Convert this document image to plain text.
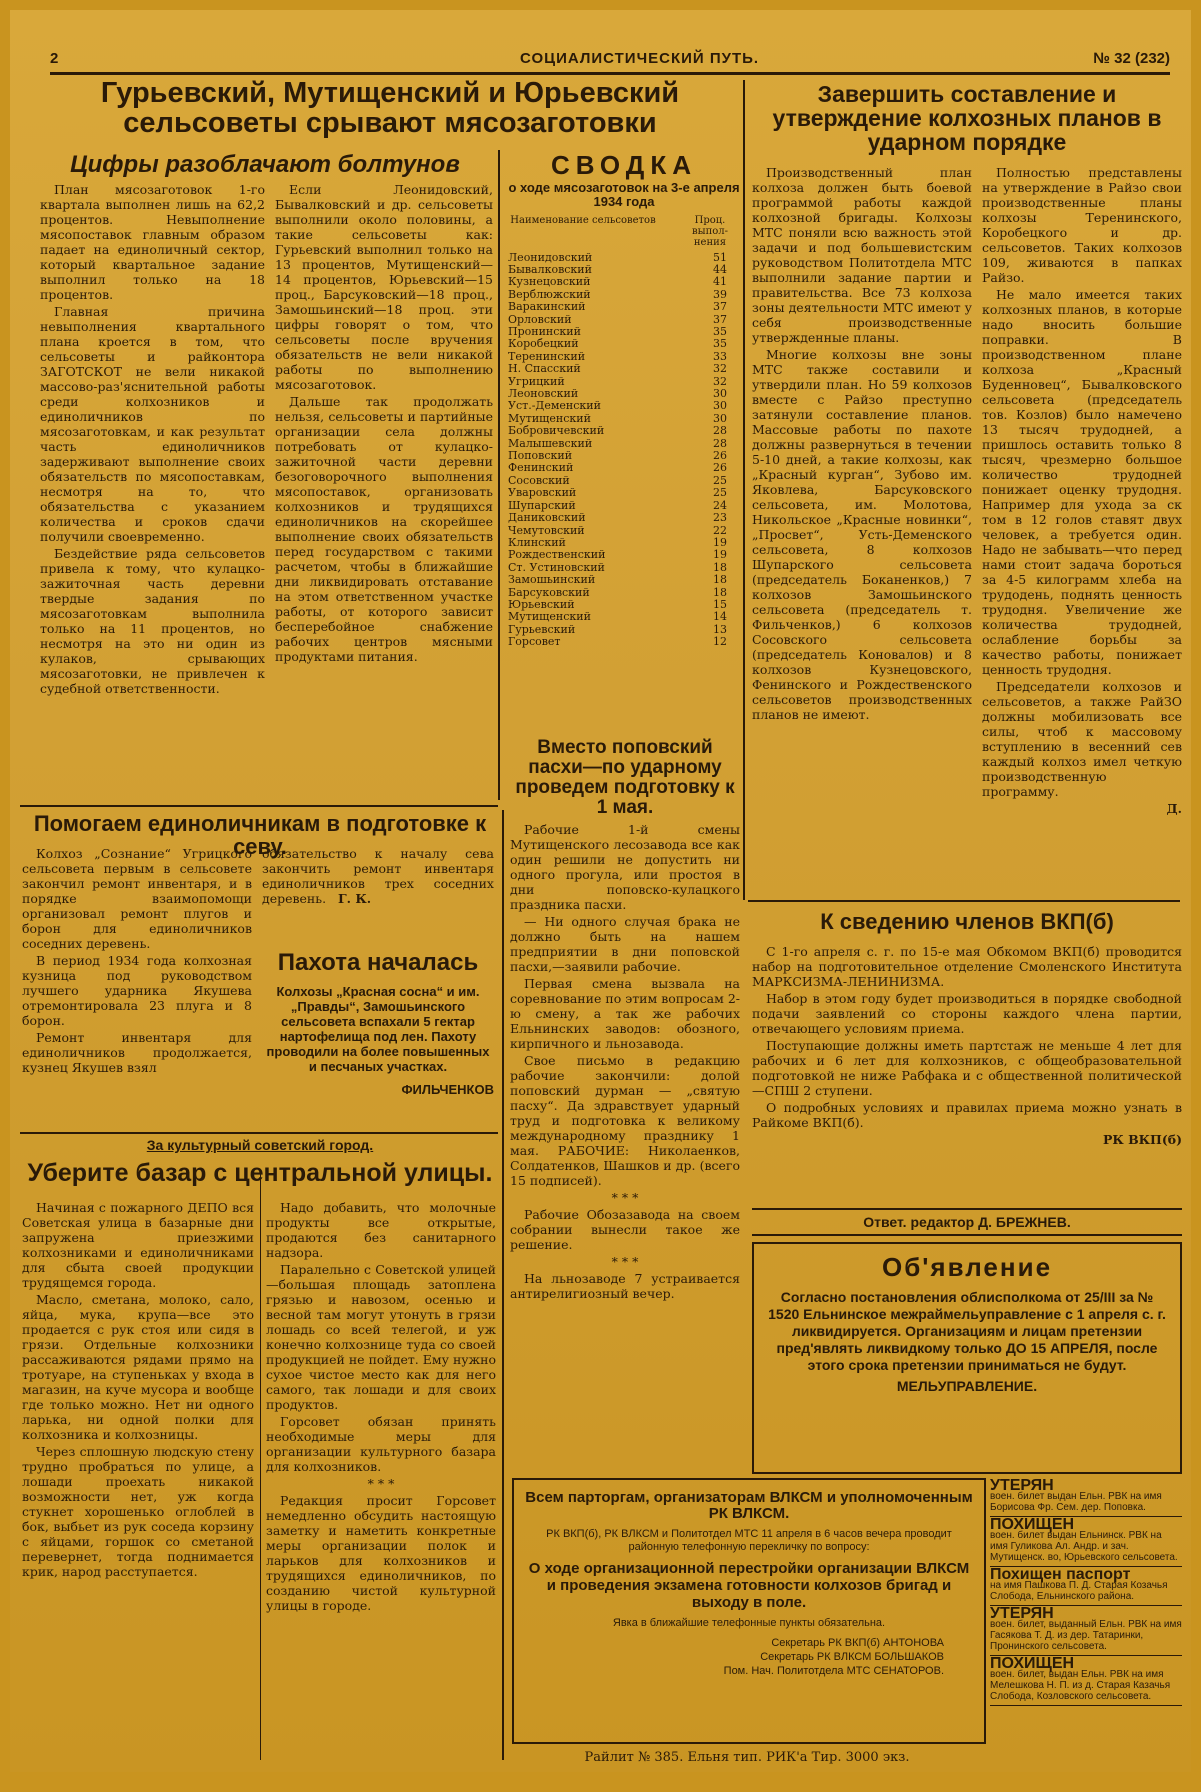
2	СОЦИАЛИСТИЧЕСКИЙ ПУТЬ.	№ 32 (232)
Гурьевский, Мутищенский и Юрьевский сельсоветы срывают мясозаготовки
Цифры разоблачают болтунов

План мясозаготовок 1-го квартала выполнен лишь на 62,2 процентов. Невыполнение мясопоставок главным образом падает на единоличный сектор, который квартальное задание выполнил только на 18 процентов.

Главная причина невыполнения квартального плана кроется в том, что сельсоветы и райконтора ЗАГОТСКОТ не вели никакой массово-раз'яснительной работы среди колхозников и единоличников по мясозаготовкам, и как результат часть единоличников задерживают выполнение своих обязательств по мясопоставкам, несмотря на то, что обязательства с указанием количества и сроков сдачи получили своевременно.

Бездействие ряда сельсоветов привела к тому, что кулацко-зажиточная часть деревни твердые задания по мясозаготовкам выполнила только на 11 процентов, но несмотря на это ни один из кулаков, срывающих мясозаготовки, не привлечен к судебной ответственности.

Если Леонидовский, Бывалковский и др. сельсоветы выполнили около половины, а такие сельсоветы как: Гурьевский выполнил только на 13 процентов, Мутищенский—14 процентов, Юрьевский—15 проц., Барсуковский—18 проц., Замошьинский—18 проц. эти цифры говорят о том, что сельсоветы после вручения обязательств не вели никакой работы по выполнению мясозаготовок.

Дальше так продолжать нельзя, сельсоветы и партийные организации села должны потребовать от кулацко-зажиточной части деревни безоговорочного выполнения мясопоставок, организовать колхозников и трудящихся единоличников на скорейшее выполнение своих обязательств перед государством с такими расчетом, чтобы в ближайшие дни ликвидировать отставание на этом ответственном участке работы, от которого зависит бесперебойное снабжение рабочих центров мясными продуктами питания.

СВОДКА
о ходе мясозаготовок на 3-е апреля 1934 года
Наименование сельсоветов	Проц. выпол-нения
Леонидовский	51
Бывалковский	44
Кузнецовский	41
Верблюжский	39
Варакинский	37
Орловский	37
Пронинский	35
Коробецкий	35
Теренинский	33
Н. Спасский	32
Угрицкий	32
Леоновский	30
Уст.-Деменский	30
Мутищенский	30
Бобровичевский	28
Малышевский	28
Поповский	26
Фенинский	26
Сосовский	25
Уваровский	25
Шупарский	24
Даниковский	23
Чемутовский	22
Клинский	19
Рождественский	19
Ст. Устиновский	18
Замошьинский	18
Барсуковский	18
Юрьевский	15
Мутищенский	14
Гурьевский	13
Горсовет	12
Завершить составление и утверждение колхозных планов в ударном порядке

Производственный план колхоза должен быть боевой программой работы каждой колхозной бригады. Колхозы МТС поняли всю важность этой задачи и под большевистским руководством Политотдела МТС выполнили задание партии и правительства. Все 73 колхоза зоны деятельности МТС имеют у себя производственные утвержденные планы.

Многие колхозы вне зоны МТС также составили и утвердили план. Но 59 колхозов вместе с Райзо преступно затянули составление планов. Массовые работы по пахоте должны развернуться в течении 5-10 дней, а такие колхозы, как „Красный курган“, Зубово им. Яковлева, Барсуковского сельсовета, им. Молотова, Никольское „Красные новинки“, „Просвет“, Усть-Деменского сельсовета, 8 колхозов Шупарского сельсовета (председатель Боканенков,) 7 колхозов Замошьинского сельсовета (председатель т. Фильченков,) 6 колхозов Сосовского сельсовета (председатель Коновалов) и 8 колхозов Кузнецовского, Фенинского и Рождественского сельсоветов производственных планов не имеют.

Полностью представлены на утверждение в Райзо свои производственные планы колхозы Теренинского, Коробецкого и др. сельсоветов. Таких колхозов 109, живаются в папках Райзо.

Не мало имеется таких колхозных планов, в которые надо вносить большие поправки. В производственном плане колхоза „Красный Буденновец“, Бывалковского сельсовета (председатель тов. Козлов) было намечено 13 тысяч трудодней, а пришлось оставить только 8 тысяч, чрезмерно большое количество трудодней понижает оценку трудодня. Например для ухода за ск том в 12 голов ставят двух человек, а требуется один. Надо не забывать—что перед нами стоит задача бороться за 4-5 килограмм хлеба на трудодень, поднять ценность трудодня. Увеличение же количества трудодней, ослабление борьбы за качество работы, понижает ценность трудодня.

Председатели колхозов и сельсоветов, а также РайЗО должны мобилизовать все силы, чтоб к массовому вступлению в весенний сев каждый колхоз имел четкую производственную программу.

Д.
Помогаем единоличникам в подготовке к севу.

Колхоз „Сознание“ Угрицкого сельсовета первым в сельсовете закончил ремонт инвентаря, и в порядке взаимопомощи организовал ремонт плугов и борон для единоличников соседних деревень.

В период 1934 года колхозная кузница под руководством лучшего ударника Якушева отремонтировала 23 плуга и 8 борон.

Ремонт инвентаря для единоличников продолжается, кузнец Якушев взял

обязательство к началу сева закончить ремонт инвентаря единоличников трех соседних деревень. Г. К.
Пахота началась
Колхозы „Красная сосна“ и им. „Правды“, Замошьинского сельсовета вспахали 5 гектар нартофелища под лен. Пахоту проводили на более повышенных и песчаных участках.
ФИЛЬЧЕНКОВ
За культурный советский город.
Уберите базар с центральной улицы.

Начиная с пожарного ДЕПО вся Советская улица в базарные дни запружена приезжими колхозниками и единоличниками для сбыта своей продукции трудящемся города.

Масло, сметана, молоко, сало, яйца, мука, крупа—все это продается с рук стоя или сидя в грязи. Отдельные колхозники рассаживаются рядами прямо на тротуаре, на ступеньках у входа в магазин, на куче мусора и вообще где только можно. Нет ни одного ларька, ни одной полки для колхозника и колхозницы.

Через сплошную людскую стену трудно пробраться по улице, а лошади проехать никакой возможности нет, уж когда стукнет хорошенько оглоблей в бок, выбьет из рук соседа корзину с яйцами, горшок со сметаной перевернет, тогда поднимается крик, народ расступается.

Надо добавить, что молочные продукты все открытые, продаются без санитарного надзора.

Паралельно с Советской улицей—большая площадь затоплена грязью и навозом, осенью и весной там могут утонуть в грязи лошадь со всей телегой, и уж конечно колхознице туда со своей продукцией не пойдет. Ему нужно сухое чистое место как для него самого, так лошади и для своих продуктов.

Горсовет обязан принять необходимые меры для организации культурного базара для колхозников.

* * *

Редакция просит Горсовет немедленно обсудить настоящую заметку и наметить конкретные меры организации полок и ларьков для колхозников и трудящихся единоличников, по созданию чистой культурной улицы в городе.

Вместо поповский пасхи—по ударному проведем подготовку к 1 мая.

Рабочие 1-й смены Мутищенского лесозавода все как один решили не допустить ни одного прогула, или простоя в дни поповско-кулацкого праздника пасхи.

— Ни одного случая брака не должно быть на нашем предприятии в дни поповской пасхи,—заявили рабочие.

Первая смена вызвала на соревнование по этим вопросам 2-ю смену, а так же рабочих Ельнинских заводов: обозного, кирпичного и льнозавода.

Свое письмо в редакцию рабочие закончили: долой поповский дурман — „святую пасху“. Да здравствует ударный труд и подготовка к великому международному празднику 1 мая. РАБОЧИЕ: Николаенков, Солдатенков, Шашков и др. (всего 15 подписей).

* * *

Рабочие Обозазавода на своем собрании вынесли такое же решение.

* * *

На льнозаводе 7 устраивается антирелигиозный вечер.

К сведению членов ВКП(б)

С 1-го апреля с. г. по 15-е мая Обкомом ВКП(б) проводится набор на подготовительное отделение Смоленского Института МАРКСИЗМА-ЛЕНИНИЗМА.

Набор в этом году будет производиться в порядке свободной подачи заявлений со стороны каждого члена партии, отвечающего условиям приема.

Поступающие должны иметь партстаж не меньше 4 лет для рабочих и 6 лет для колхозников, с общеобразовательной подготовкой не ниже Рабфака и с общественной политической—СПШ 2 ступени.

О подробных условиях и правилах приема можно узнать в Райкоме ВКП(б).

РК ВКП(б)
Ответ. редактор Д. БРЕЖНЕВ.
Об'явление
Согласно постановления облисполкома от 25/III за № 1520 Ельнинское межраймельуправление с 1 апреля с. г. ликвидируется. Организациям и лицам претензии пред'являть ликвидкому только ДО 15 АПРЕЛЯ, после этого срока претензии приниматься не будут.
МЕЛЬУПРАВЛЕНИЕ.
Всем парторгам, организаторам ВЛКСМ и уполномоченным РК ВЛКСМ.
РК ВКП(б), РК ВЛКСМ и Политотдел МТС 11 апреля в 6 часов вечера проводит районную телефонную перекличку по вопросу:
О ходе организационной перестройки организации ВЛКСМ и проведения экзамена готовности колхозов бригад и выходу в поле.
Явка в ближайшие телефонные пункты обязательна.
Секретарь РК ВКП(б) АНТОНОВА
Секретарь РК ВЛКСМ БОЛЬШАКОВ
Пом. Нач. Политотдела МТС СЕНАТОРОВ.
УТЕРЯН
воен. билет выдан Ельн. РВК на имя Борисова Фр. Сем. дер. Поповка.
ПОХИЩЕН
воен. билет выдан Ельнинск. РВК на имя Гуликова Ал. Андр. и зач. Мутищенск. во, Юрьевского сельсовета.
Похищен паспорт
на имя Пашкова П. Д. Старая Козачья Слобода, Ельнинского района.
УТЕРЯН
воен. билет, выданный Ельн. РВК на имя Гасякова Т. Д. из дер. Татаринки, Пронинского сельсовета.
ПОХИЩЕН
воен. билет, выдан Ельн. РВК на имя Мелешкова Н. П. из д. Старая Казачья Слобода, Козловского сельсовета.
Райлит № 385. Ельня тип. РИК'а Тир. 3000 экз.
